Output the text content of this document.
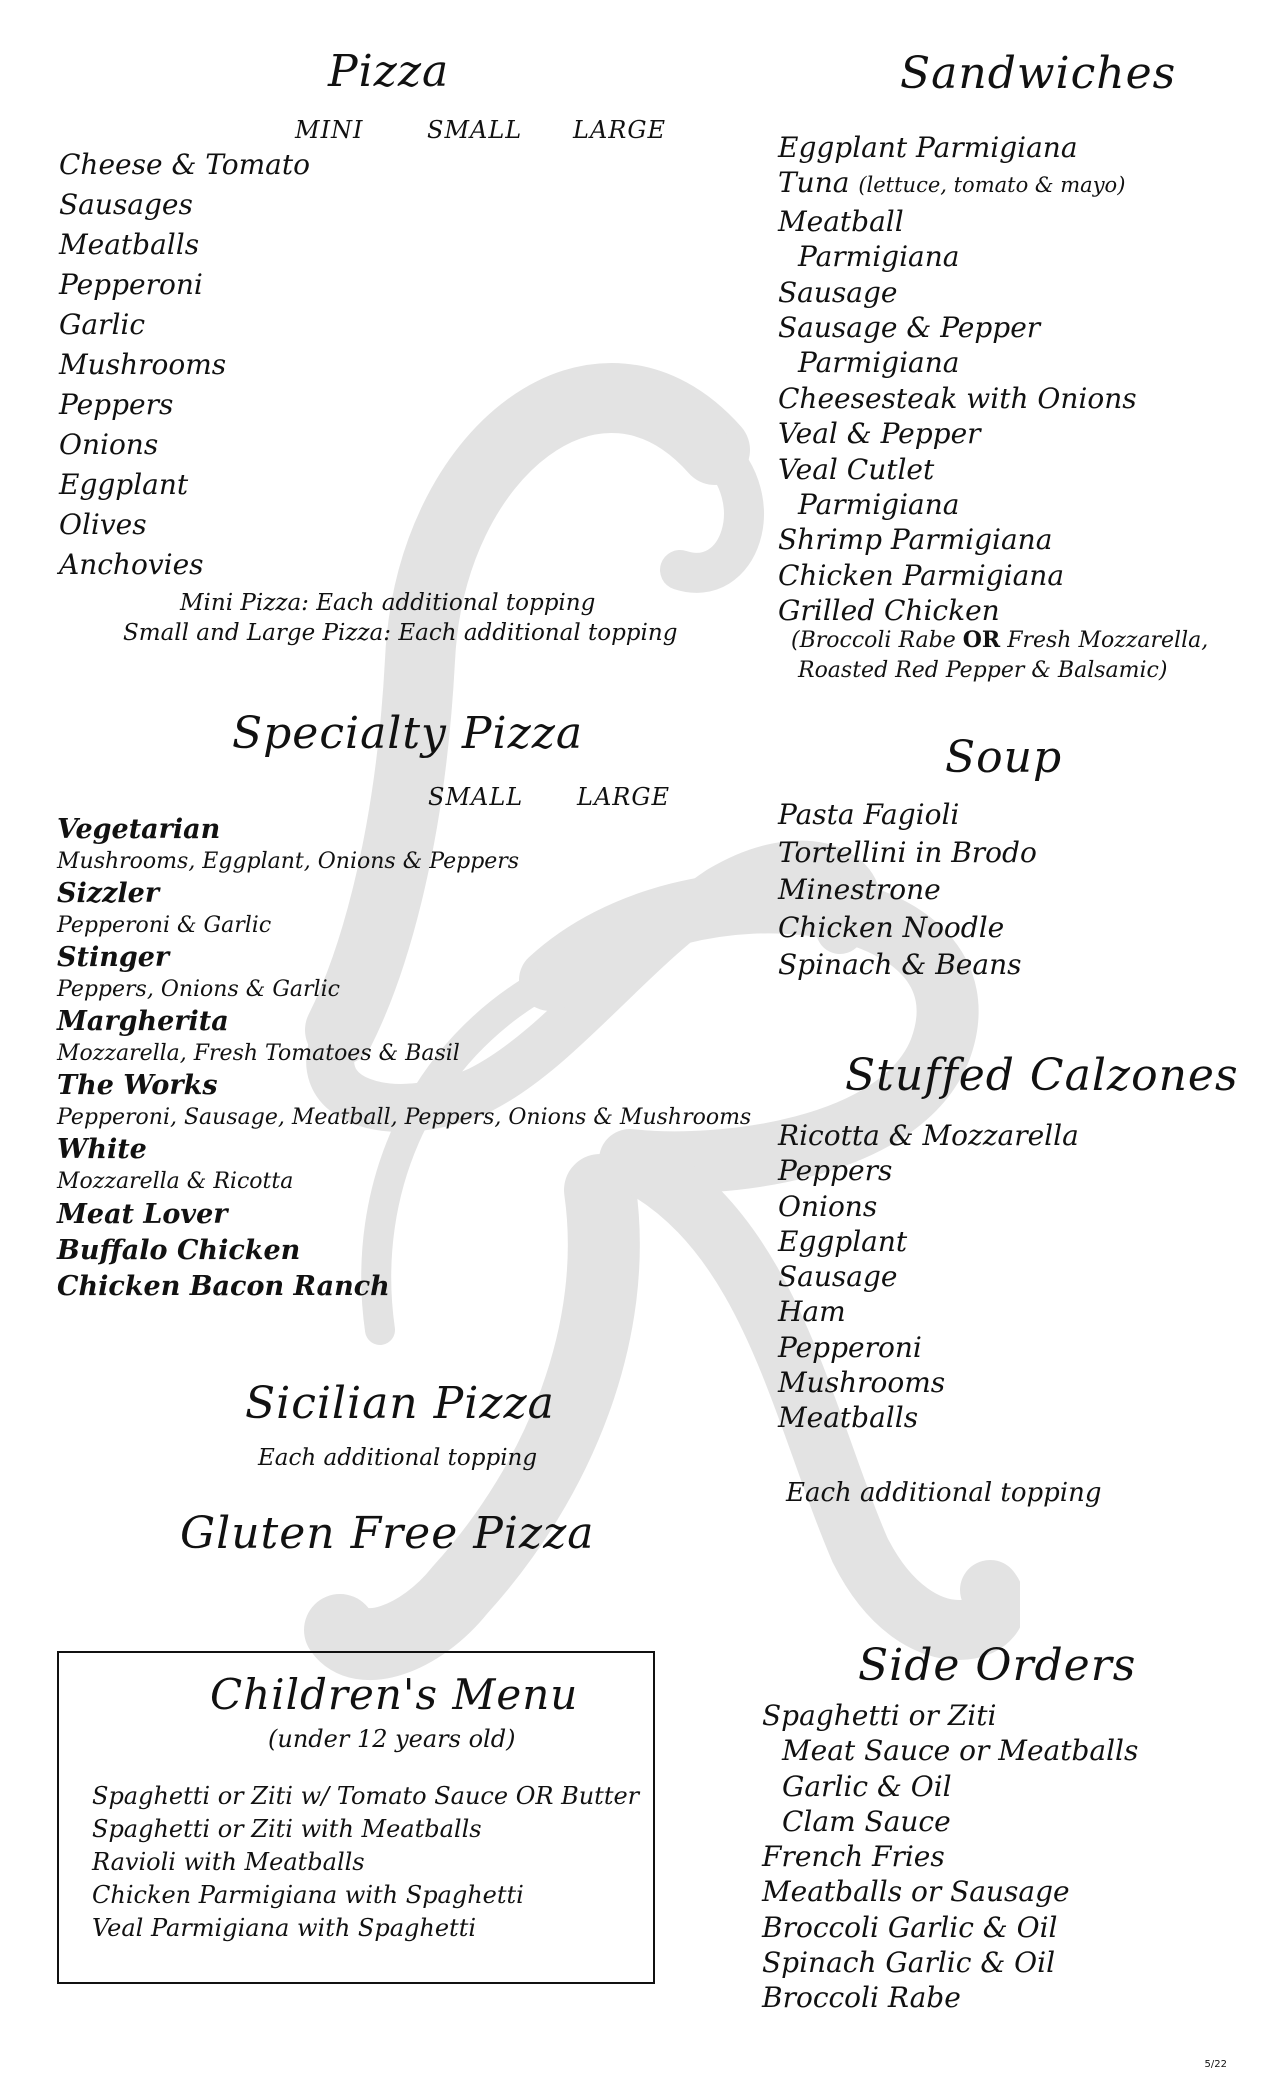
Pizza
MINI	SMALL LARGE
Cheese & Tomato
Sausages
Meatballs
Pepperoni
Garlic
Mushrooms
Peppers
Onions
Eggplant
Olives
Anchovies
Mini Pizza: Each additional topping
Small and Large Pizza: Each additional topping
Specialty Pizza
SMALL LARGE
Vegetarian
Mushrooms, Eggplant, Onions & Peppers
Sizzler
Pepperoni & Garlic
Stinger
Peppers, Onions & Garlic
Margherita
Mozzarella, Fresh Tomatoes & Basil
The Works
Pepperoni, Sausage, Meatball, Peppers, Onions & Mushrooms
White
Mozzarella & Ricotta
Meat Lover
Buffalo Chicken
Chicken Bacon Ranch
Sicilian Pizza
Each additional topping
Gluten Free Pizza
Children's Menu
(under 12 years old)
Spaghetti or Ziti w/ Tomato Sauce OR Butter
Spaghetti or Ziti with Meatballs
Ravioli with Meatballs
Chicken Parmigiana with Spaghetti
Veal Parmigiana with Spaghetti
Sandwiches
Eggplant Parmigiana
Tuna (lettuce, tomato & mayo)
Meatball
Parmigiana
Sausage
Sausage & Pepper
Parmigiana
Cheesesteak with Onions
Veal & Pepper
Veal Cutlet
Parmigiana
Shrimp Parmigiana
Chicken Parmigiana
Grilled Chicken
(Broccoli Rabe OR Fresh Mozzarella,
Roasted Red Pepper & Balsamic)
Soup
Pasta Fagioli
Tortellini in Brodo
Minestrone
Chicken Noodle
Spinach & Beans
Stuffed Calzones
Ricotta & Mozzarella
Peppers
Onions
Eggplant
Sausage
Ham
Pepperoni
Mushrooms
Meatballs
Each additional topping
Side Orders
Spaghetti or Ziti
Meat Sauce or Meatballs
Garlic & Oil
Clam Sauce
French Fries
Meatballs or Sausage
Broccoli Garlic & Oil
Spinach Garlic & Oil
Broccoli Rabe
5/22
